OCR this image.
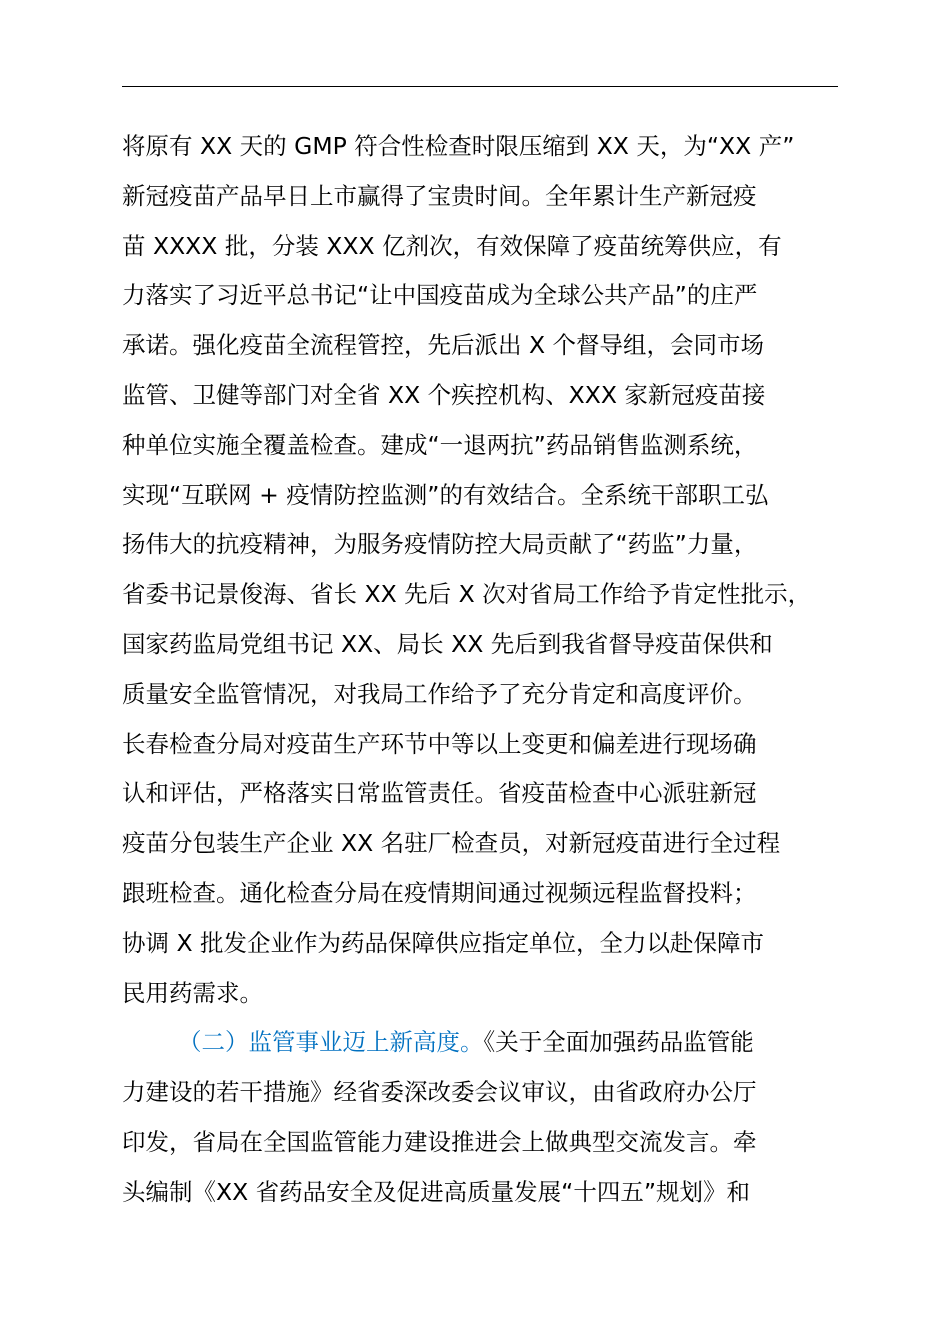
将原有 XX 天的 GMP 符合性检查时限压缩到 XX 天，为“XX 产”
新冠疫苗产品早日上市赢得了宝贵时间。全年累计生产新冠疫
苗 XXXX 批，分装 XXX 亿剂次，有效保障了疫苗统筹供应，有
力落实了习近平总书记“让中国疫苗成为全球公共产品”的庄严
承诺。强化疫苗全流程管控，先后派出 X 个督导组，会同市场
监管、卫健等部门对全省 XX 个疾控机构、XXX 家新冠疫苗接
种单位实施全覆盖检查。建成“一退两抗”药品销售监测系统，
实现“互联网 + 疫情防控监测”的有效结合。全系统干部职工弘
扬伟大的抗疫精神，为服务疫情防控大局贡献了“药监”力量，
省委书记景俊海、省长 XX 先后 X 次对省局工作给予肯定性批示，
国家药监局党组书记 XX、局长 XX 先后到我省督导疫苗保供和
质量安全监管情况，对我局工作给予了充分肯定和高度评价。
长春检查分局对疫苗生产环节中等以上变更和偏差进行现场确
认和评估，严格落实日常监管责任。省疫苗检查中心派驻新冠
疫苗分包装生产企业 XX 名驻厂检查员，对新冠疫苗进行全过程
跟班检查。通化检查分局在疫情期间通过视频远程监督投料；
协调 X 批发企业作为药品保障供应指定单位，全力以赴保障市
民用药需求。
（二）监管事业迈上新高度。《关于全面加强药品监管能
力建设的若干措施》经省委深改委会议审议，由省政府办公厅
印发，省局在全国监管能力建设推进会上做典型交流发言。牵
头编制《XX 省药品安全及促进高质量发展“十四五”规划》和
